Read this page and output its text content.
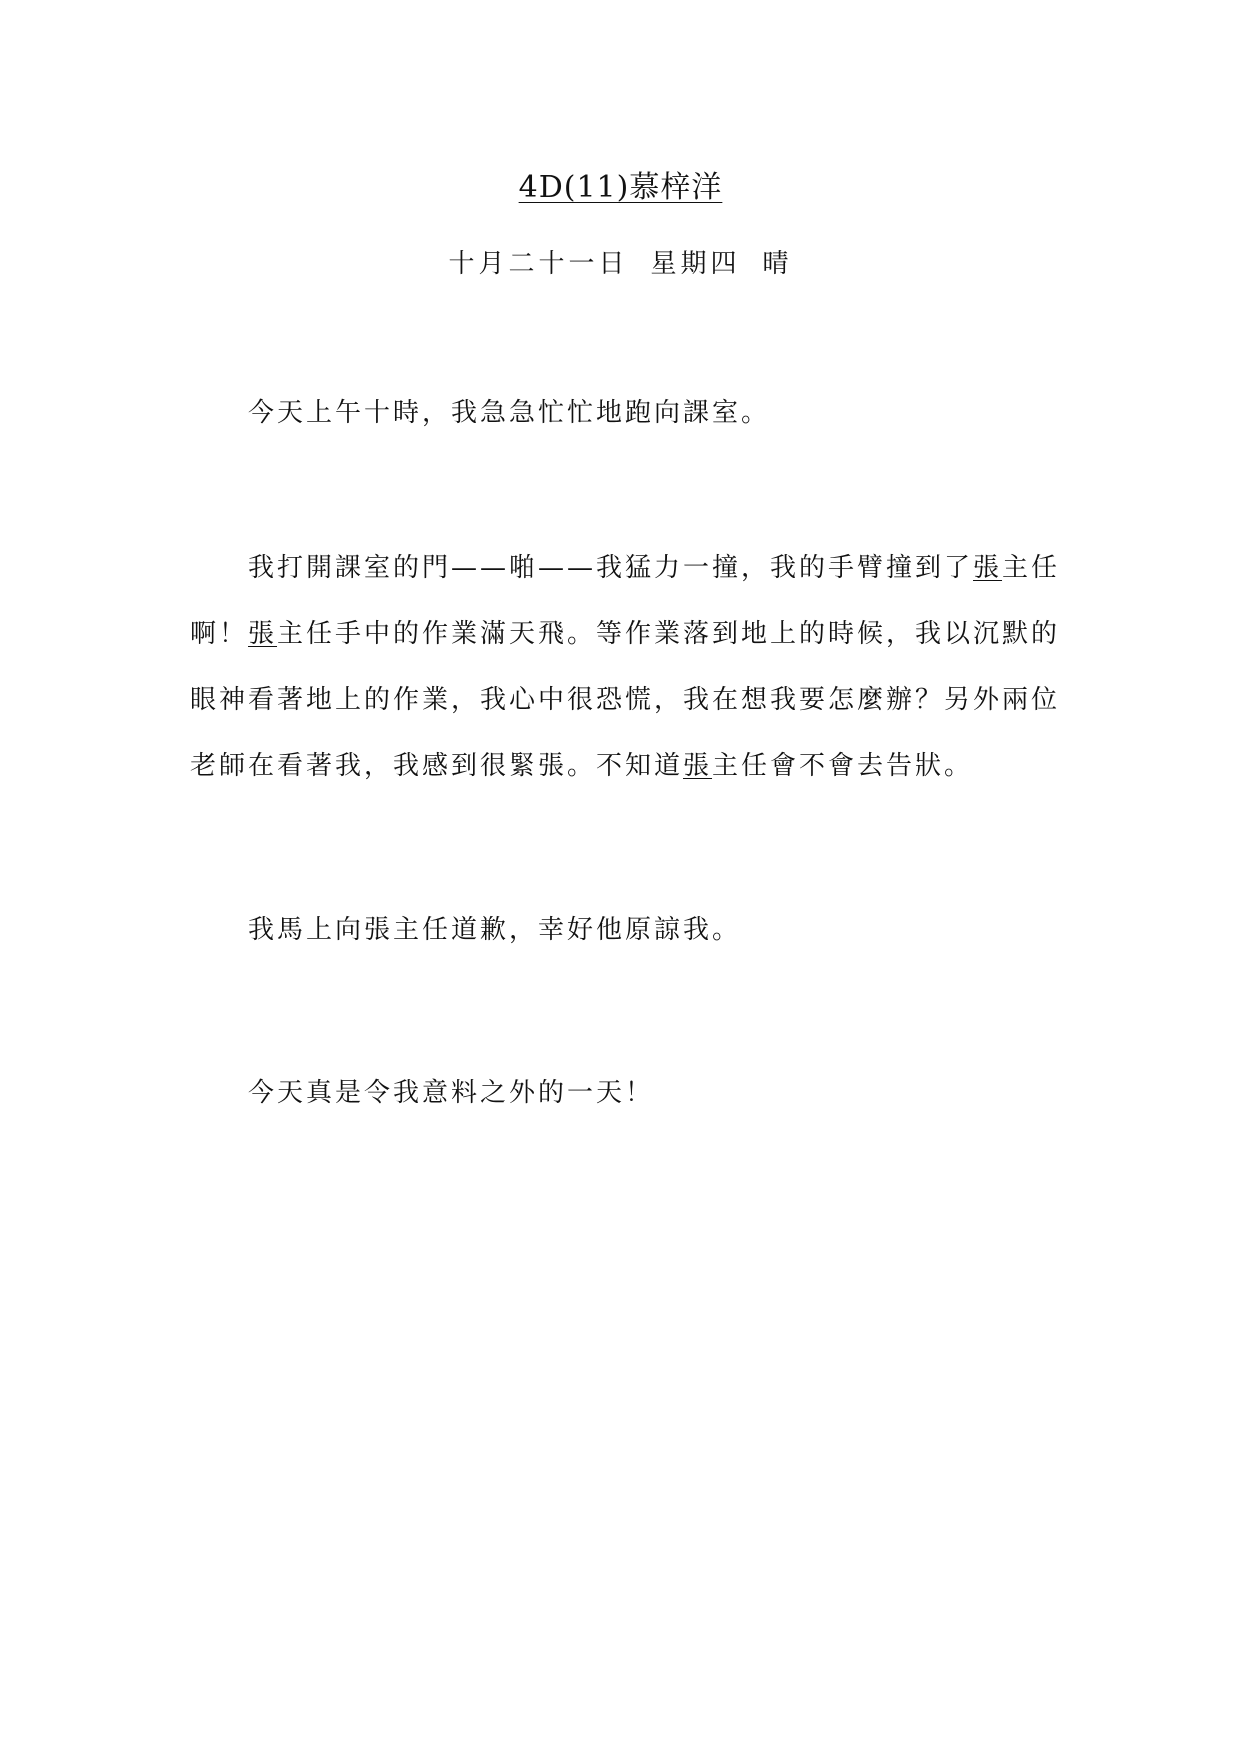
4D(11)慕梓洋
十月二十一日 星期四 晴

今天上午十時，我急急忙忙地跑向課室。

我打開課室的門——啪——我猛力一撞，我的手臂撞到了張主任
啊！張主任手中的作業滿天飛。等作業落到地上的時候，我以沉默的
眼神看著地上的作業，我心中很恐慌，我在想我要怎麼辦？另外兩位
老師在看著我，我感到很緊張。不知道張主任會不會去告狀。

我馬上向張主任道歉，幸好他原諒我。

今天真是令我意料之外的一天！
